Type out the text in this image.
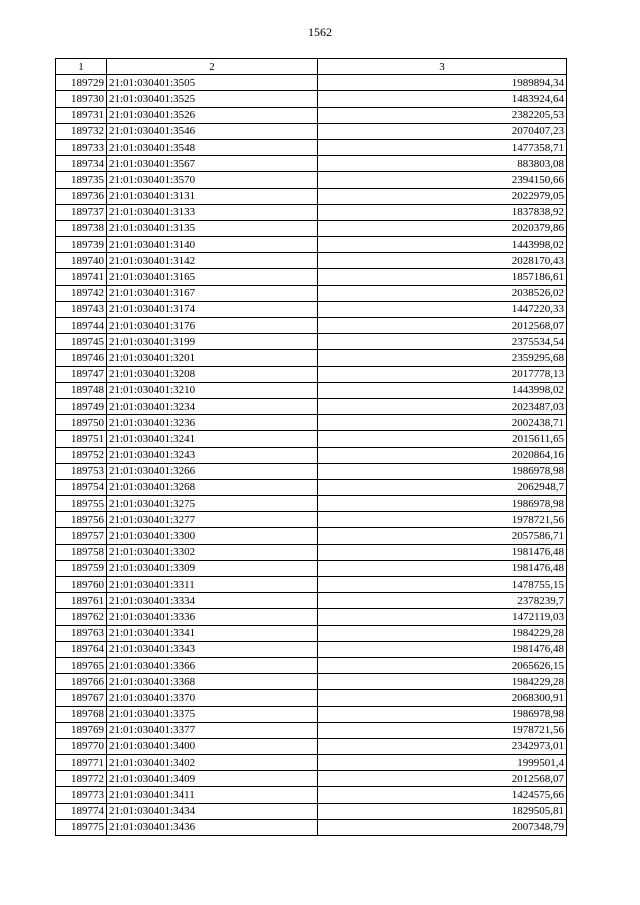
1562
1	2	3
189729	21:01:030401:3505	1989894,34
189730	21:01:030401:3525	1483924,64
189731	21:01:030401:3526	2382205,53
189732	21:01:030401:3546	2070407,23
189733	21:01:030401:3548	1477358,71
189734	21:01:030401:3567	883803,08
189735	21:01:030401:3570	2394150,66
189736	21:01:030401:3131	2022979,05
189737	21:01:030401:3133	1837838,92
189738	21:01:030401:3135	2020379,86
189739	21:01:030401:3140	1443998,02
189740	21:01:030401:3142	2028170,43
189741	21:01:030401:3165	1857186,61
189742	21:01:030401:3167	2038526,02
189743	21:01:030401:3174	1447220,33
189744	21:01:030401:3176	2012568,07
189745	21:01:030401:3199	2375534,54
189746	21:01:030401:3201	2359295,68
189747	21:01:030401:3208	2017778,13
189748	21:01:030401:3210	1443998,02
189749	21:01:030401:3234	2023487,03
189750	21:01:030401:3236	2002438,71
189751	21:01:030401:3241	2015611,65
189752	21:01:030401:3243	2020864,16
189753	21:01:030401:3266	1986978,98
189754	21:01:030401:3268	2062948,7
189755	21:01:030401:3275	1986978,98
189756	21:01:030401:3277	1978721,56
189757	21:01:030401:3300	2057586,71
189758	21:01:030401:3302	1981476,48
189759	21:01:030401:3309	1981476,48
189760	21:01:030401:3311	1478755,15
189761	21:01:030401:3334	2378239,7
189762	21:01:030401:3336	1472119,03
189763	21:01:030401:3341	1984229,28
189764	21:01:030401:3343	1981476,48
189765	21:01:030401:3366	2065626,15
189766	21:01:030401:3368	1984229,28
189767	21:01:030401:3370	2068300,91
189768	21:01:030401:3375	1986978,98
189769	21:01:030401:3377	1978721,56
189770	21:01:030401:3400	2342973,01
189771	21:01:030401:3402	1999501,4
189772	21:01:030401:3409	2012568,07
189773	21:01:030401:3411	1424575,66
189774	21:01:030401:3434	1829505,81
189775	21:01:030401:3436	2007348,79
